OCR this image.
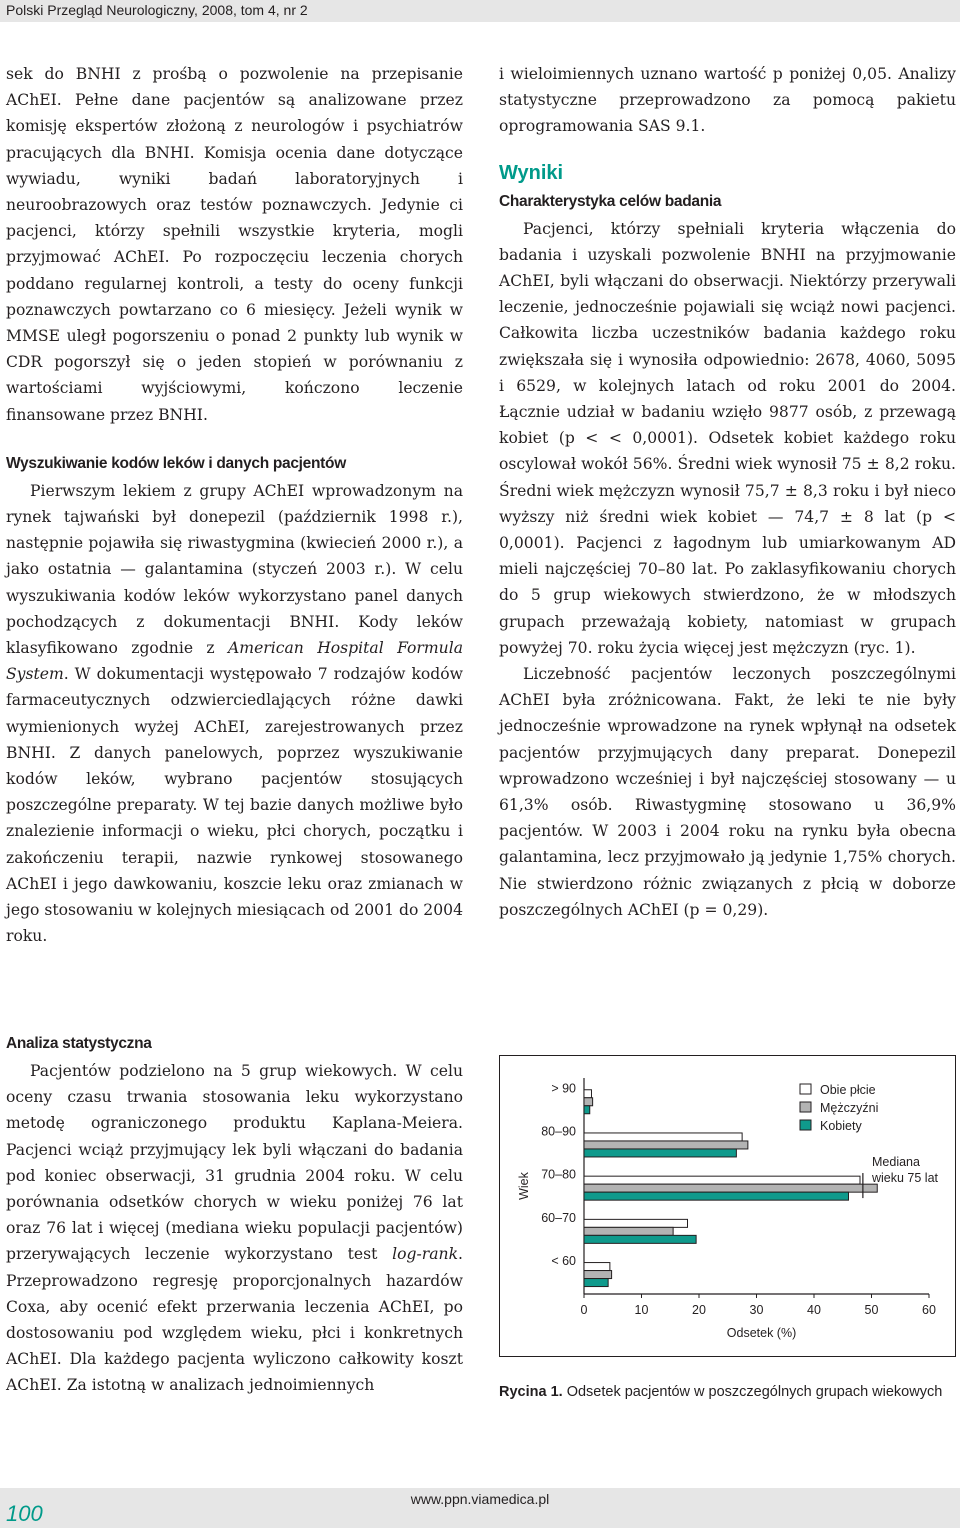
Polski Przegląd Neurologiczny, 2008, tom 4, nr 2

sek do BNHI z prośbą o pozwolenie na przepisanie AChEI. Pełne dane pacjentów są analizowane przez komisję ekspertów złożoną z neurologów i psychiatrów pracujących dla BNHI. Komisja ocenia dane dotyczące wywiadu, wyniki badań laboratoryjnych i neuroobrazowych oraz testów poznawczych. Jedynie ci pacjenci, którzy spełnili wszystkie kryteria, mogli przyjmować AChEI. Po rozpoczęciu leczenia chorych poddano regularnej kontroli, a testy do oceny funkcji poznawczych powtarzano co 6 miesięcy. Jeżeli wynik w MMSE uległ pogorszeniu o ponad 2 punkty lub wynik w CDR pogorszył się o jeden stopień w porównaniu z wartościami wyjściowymi, kończono leczenie finansowane przez BNHI.

Wyszukiwanie kodów leków i danych pacjentów

Pierwszym lekiem z grupy AChEI wprowadzonym na rynek tajwański był donepezil (październik 1998 r.), następnie pojawiła się riwastygmina (kwiecień 2000 r.), a jako ostatnia — galantamina (styczeń 2003 r.). W celu wyszukiwania kodów leków wykorzystano panel danych pochodzących z dokumentacji BNHI. Kody leków klasyfikowano zgodnie z American Hospital Formula System. W dokumentacji występowało 7 rodzajów kodów farmaceutycznych odzwierciedlających różne dawki wymienionych wyżej AChEI, zarejestrowanych przez BNHI. Z danych panelowych, poprzez wyszukiwanie kodów leków, wybrano pacjentów stosujących poszczególne preparaty. W tej bazie danych możliwe było znalezienie informacji o wieku, płci chorych, początku i zakończeniu terapii, nazwie rynkowej stosowanego AChEI i jego dawkowaniu, koszcie leku oraz zmianach w jego stosowaniu w kolejnych miesiącach od 2001 do 2004 roku.

Analiza statystyczna

Pacjentów podzielono na 5 grup wiekowych. W celu oceny czasu trwania stosowania leku wykorzystano metodę ograniczonego produktu Kaplana-Meiera. Pacjenci wciąż przyjmujący lek byli włączani do badania pod koniec obserwacji, 31 grudnia 2004 roku. W celu porównania odsetków chorych w wieku poniżej 76 lat oraz 76 lat i więcej (mediana wieku populacji pacjentów) przerywających leczenie wykorzystano test log-rank. Przeprowadzono regresję proporcjonalnych hazardów Coxa, aby ocenić efekt przerwania leczenia AChEI, po dostosowaniu pod względem wieku, płci i konkretnych AChEI. Dla każdego pacjenta wyliczono całkowity koszt AChEI. Za istotną w analizach jednoimiennych

i wieloimiennych uznano wartość p poniżej 0,05. Analizy statystyczne przeprowadzono za pomocą pakietu oprogramowania SAS 9.1.

Wyniki
Charakterystyka celów badania

Pacjenci, którzy spełniali kryteria włączenia do badania i uzyskali pozwolenie BNHI na przyjmowanie AChEI, byli włączani do obserwacji. Niektórzy przerywali leczenie, jednocześnie pojawiali się wciąż nowi pacjenci. Całkowita liczba uczestników badania każdego roku zwiększała się i wynosiła odpowiednio: 2678, 4060, 5095 i 6529, w kolejnych latach od roku 2001 do 2004. Łącznie udział w badaniu wzięło 9877 osób, z przewagą kobiet (p < < 0,0001). Odsetek kobiet każdego roku oscylował wokół 56%. Średni wiek wynosił 75 ± 8,2 roku. Średni wiek mężczyzn wynosił 75,7 ± 8,3 roku i był nieco wyższy niż średni wiek kobiet — 74,7 ± 8 lat (p < 0,0001). Pacjenci z łagodnym lub umiarkowanym AD mieli najczęściej 70–80 lat. Po zaklasyfikowaniu chorych do 5 grup wiekowych stwierdzono, że w młodszych grupach przeważają kobiety, natomiast w grupach powyżej 70. roku życia więcej jest mężczyzn (ryc. 1).

Liczebność pacjentów leczonych poszczególnymi AChEI była zróżnicowana. Fakt, że leki te nie były jednocześnie wprowadzone na rynek wpłynął na odsetek pacjentów przyjmujących dany preparat. Donepezil wprowadzono wcześniej i był najczęściej stosowany — u 61,3% osób. Riwastygminę stosowano u 36,9% pacjentów. W 2003 i 2004 roku na rynku była obecna galantamina, lecz przyjmowało ją jedynie 1,75% chorych. Nie stwierdzono różnic związanych z płcią w doborze poszczególnych AChEI (p = 0,29).

0	10	20	30	40	50	60
Odsetek (%)
Wiek
> 90
80–90
70–80
60–70
< 60
Mediana
wieku 75 lat
Obie płcie
Mężczyźni
Kobiety
Rycina 1. Odsetek pacjentów w poszczególnych grupach wiekowych
100
www.ppn.viamedica.pl
